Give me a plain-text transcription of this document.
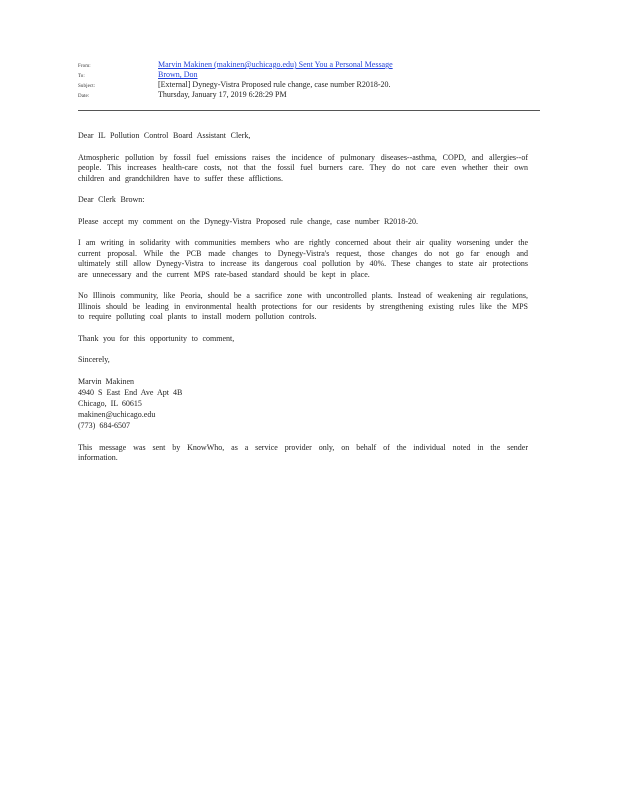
From:	Marvin Makinen (makinen@uchicago.edu) Sent You a Personal Message
To:	Brown, Don
Subject:	[External] Dynegy-Vistra Proposed rule change, case number R2018-20.
Date:	Thursday, January 17, 2019 6:28:29 PM

Dear IL Pollution Control Board Assistant Clerk,

Atmospheric pollution by fossil fuel emissions raises the incidence of pulmonary diseases--asthma, COPD, and allergies--of people. This increases health-care costs, not that the fossil fuel burners care. They do not care even whether their own children and grandchildren have to suffer these afflictions.

Dear Clerk Brown:

Please accept my comment on the Dynegy-Vistra Proposed rule change, case number R2018-20.

I am writing in solidarity with communities members who are rightly concerned about their air quality worsening under the current proposal. While the PCB made changes to Dynegy-Vistra's request, those changes do not go far enough and ultimately still allow Dynegy-Vistra to increase its dangerous coal pollution by 40%. These changes to state air protections are unnecessary and the current MPS rate-based standard should be kept in place.

No Illinois community, like Peoria, should be a sacrifice zone with uncontrolled plants. Instead of weakening air regulations, Illinois should be leading in environmental health protections for our residents by strengthening existing rules like the MPS to require polluting coal plants to install modern pollution controls.

Thank you for this opportunity to comment,

Sincerely,

Marvin Makinen
4940 S East End Ave Apt 4B
Chicago, IL 60615
makinen@uchicago.edu
(773) 684-6507

This message was sent by KnowWho, as a service provider only, on behalf of the individual noted in the sender information.
